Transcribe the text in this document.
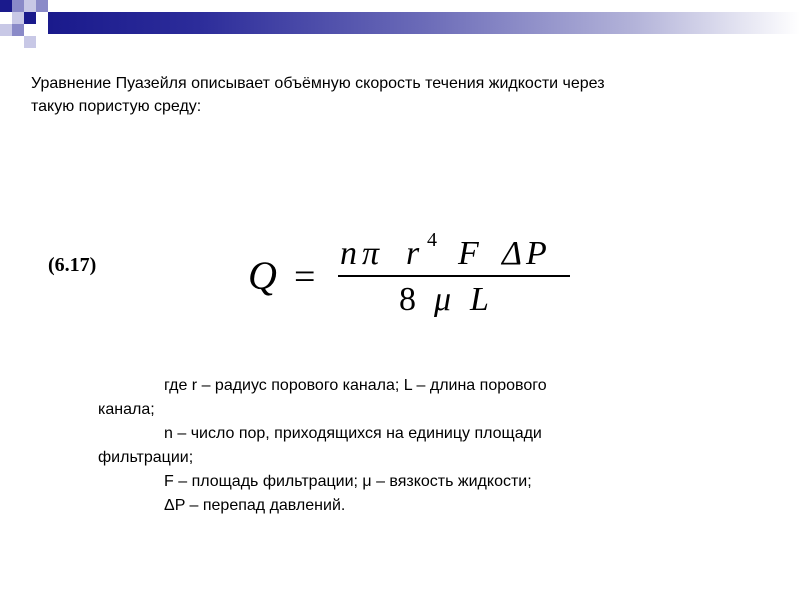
Уравнение Пуазейля описывает объёмную скорость течения жидкости через
такую пористую среду:
(6.17)	Q =
n π r 4 F Δ P
8 μ L

где r – радиус порового канала; L – длина порового

канала;

n – число пор, приходящихся на единицу площади

фильтрации;

F – площадь фильтрации; μ – вязкость жидкости;

ΔP – перепад давлений.
